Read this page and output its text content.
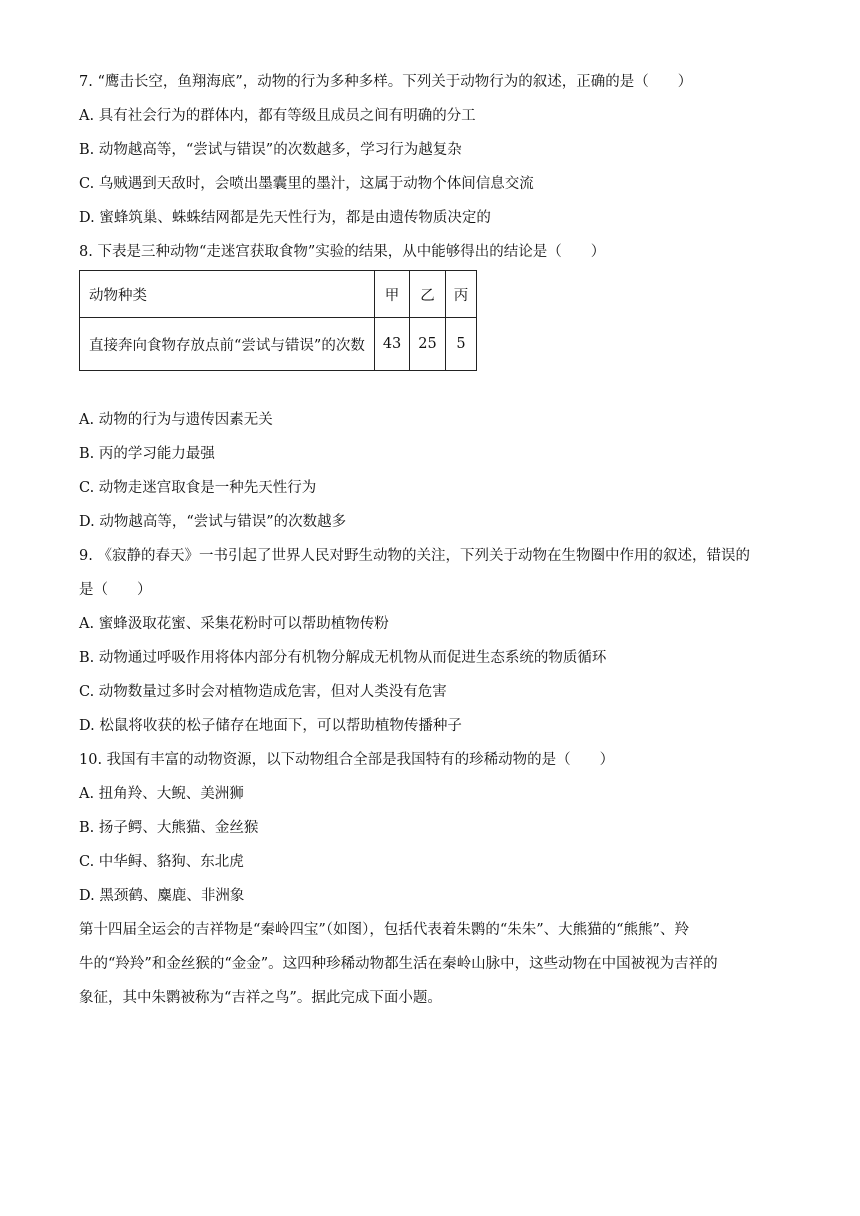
7. “鹰击长空，鱼翔海底”，动物的行为多种多样。下列关于动物行为的叙述，正确的是（　　）
A. 具有社会行为的群体内，都有等级且成员之间有明确的分工
B. 动物越高等，“尝试与错误”的次数越多，学习行为越复杂
C. 乌贼遇到天敌时，会喷出墨囊里的墨汁，这属于动物个体间信息交流
D. 蜜蜂筑巢、蛛蛛结网都是先天性行为，都是由遗传物质决定的
8. 下表是三种动物“走迷宫获取食物”实验的结果，从中能够得出的结论是（　　）
动物种类	甲	乙	丙
直接奔向食物存放点前“尝试与错误”的次数	43	25	5
A. 动物的行为与遗传因素无关
B. 丙的学习能力最强
C. 动物走迷宫取食是一种先天性行为
D. 动物越高等，“尝试与错误”的次数越多
9. 《寂静的春天》一书引起了世界人民对野生动物的关注，下列关于动物在生物圈中作用的叙述，错误的
是（　　）
A. 蜜蜂汲取花蜜、采集花粉时可以帮助植物传粉
B. 动物通过呼吸作用将体内部分有机物分解成无机物从而促进生态系统的物质循环
C. 动物数量过多时会对植物造成危害，但对人类没有危害
D. 松鼠将收获的松子储存在地面下，可以帮助植物传播种子
10. 我国有丰富的动物资源，以下动物组合全部是我国特有的珍稀动物的是（　　）
A. 扭角羚、大鲵、美洲狮
B. 扬子鳄、大熊猫、金丝猴
C. 中华鲟、貉狗、东北虎
D. 黑颈鹤、麋鹿、非洲象
第十四届全运会的吉祥物是“秦岭四宝”（如图），包括代表着朱鹮的“朱朱”、大熊猫的“熊熊”、羚
牛的“羚羚”和金丝猴的“金金”。这四种珍稀动物都生活在秦岭山脉中，这些动物在中国被视为吉祥的
象征，其中朱鹮被称为“吉祥之鸟”。据此完成下面小题。
